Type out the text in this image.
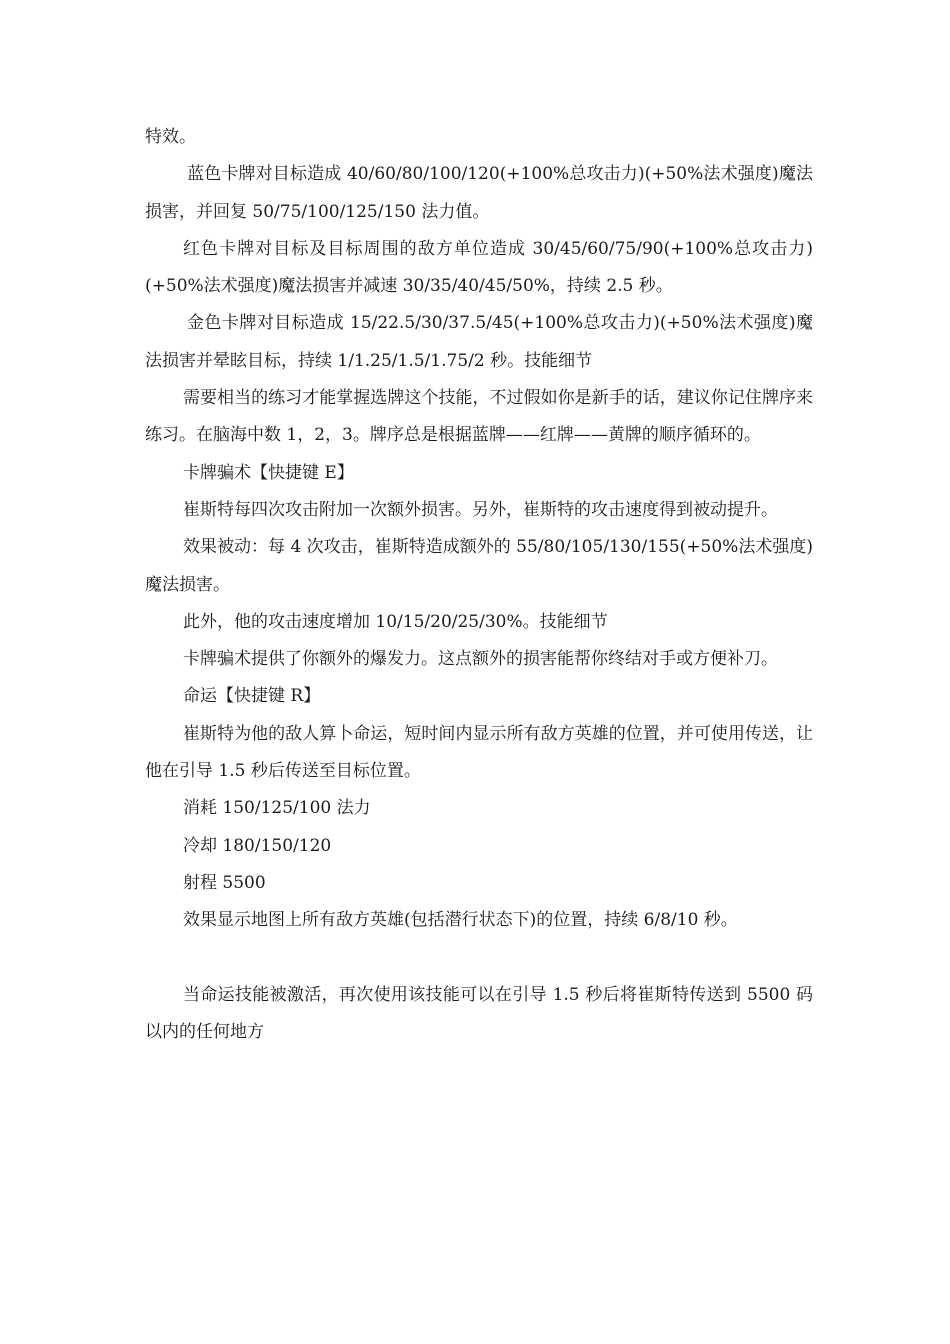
特效。

蓝色卡牌对目标造成 40/60/80/100/120(+100%总攻击力)(+50%法术强度)魔法损害，并回复 50/75/100/125/150 法力值。

红色卡牌对目标及目标周围的敌方单位造成 30/45/60/75/90(+100%总攻击力)(+50%法术强度)魔法损害并减速 30/35/40/45/50%，持续 2.5 秒。

金色卡牌对目标造成 15/22.5/30/37.5/45(+100%总攻击力)(+50%法术强度)魔法损害并晕眩目标，持续 1/1.25/1.5/1.75/2 秒。技能细节

需要相当的练习才能掌握选牌这个技能，不过假如你是新手的话，建议你记住牌序来练习。在脑海中数 1，2，3。牌序总是根据蓝牌——红牌——黄牌的顺序循环的。

卡牌骗术【快捷键 E】

崔斯特每四次攻击附加一次额外损害。另外，崔斯特的攻击速度得到被动提升。

效果被动：每 4 次攻击，崔斯特造成额外的 55/80/105/130/155(+50%法术强度)魔法损害。

此外，他的攻击速度增加 10/15/20/25/30%。技能细节

卡牌骗术提供了你额外的爆发力。这点额外的损害能帮你终结对手或方便补刀。

命运【快捷键 R】

崔斯特为他的敌人算卜命运，短时间内显示所有敌方英雄的位置，并可使用传送，让他在引导 1.5 秒后传送至目标位置。

消耗 150/125/100 法力

冷却 180/150/120

射程 5500

效果显示地图上所有敌方英雄(包括潜行状态下)的位置，持续 6/8/10 秒。

当命运技能被激活，再次使用该技能可以在引导 1.5 秒后将崔斯特传送到 5500 码以内的任何地方
